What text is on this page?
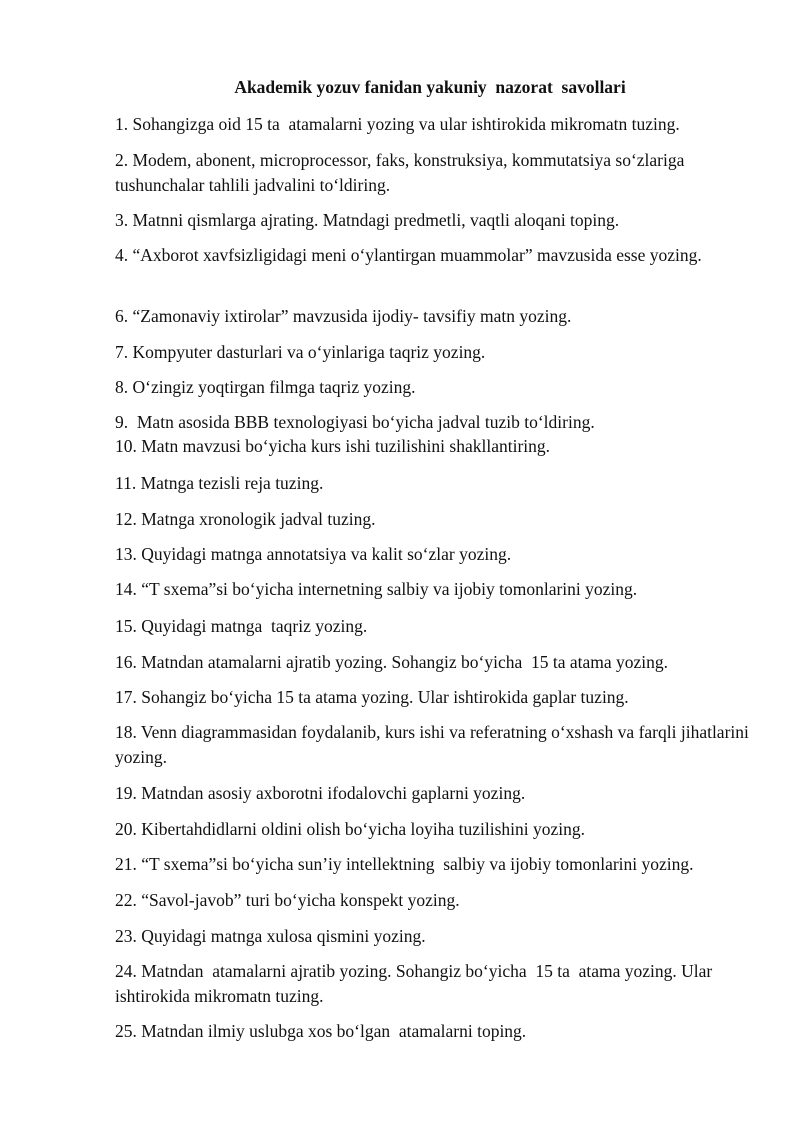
Akademik yozuv fanidan yakuniy  nazorat  savollari
1. Sohangizga oid 15 ta  atamalarni yozing va ular ishtirokida mikromatn tuzing.
2. Modem, abonent, microprocessor, faks, konstruksiya, kommutatsiya so‘zlariga tushunchalar tahlili jadvalini to‘ldiring.
3. Matnni qismlarga ajrating. Matndagi predmetli, vaqtli aloqani toping.
4. “Axborot xavfsizligidagi meni o‘ylantirgan muammolar” mavzusida esse yozing.
6. “Zamonaviy ixtirolar” mavzusida ijodiy- tavsifiy matn yozing.
7. Kompyuter dasturlari va o‘yinlariga taqriz yozing.
8. O‘zingiz yoqtirgan filmga taqriz yozing.
9.  Matn asosida BBB texnologiyasi bo‘yicha jadval tuzib to‘ldiring.
10. Matn mavzusi bo‘yicha kurs ishi tuzilishini shakllantiring.
11. Matnga tezisli reja tuzing.
12. Matnga xronologik jadval tuzing.
13. Quyidagi matnga annotatsiya va kalit so‘zlar yozing.
14. “T sxema”si bo‘yicha internetning salbiy va ijobiy tomonlarini yozing.
15. Quyidagi matnga  taqriz yozing.
16. Matndan atamalarni ajratib yozing. Sohangiz bo‘yicha  15 ta atama yozing.
17. Sohangiz bo‘yicha 15 ta atama yozing. Ular ishtirokida gaplar tuzing.
18. Venn diagrammasidan foydalanib, kurs ishi va referatning o‘xshash va farqli jihatlarini yozing.
19. Matndan asosiy axborotni ifodalovchi gaplarni yozing.
20. Kibertahdidlarni oldini olish bo‘yicha loyiha tuzilishini yozing.
21. “T sxema”si bo‘yicha sun’iy intellektning  salbiy va ijobiy tomonlarini yozing.
22. “Savol-javob” turi bo‘yicha konspekt yozing.
23. Quyidagi matnga xulosa qismini yozing.
24. Matndan  atamalarni ajratib yozing. Sohangiz bo‘yicha  15 ta  atama yozing. Ular ishtirokida mikromatn tuzing.
25. Matndan ilmiy uslubga xos bo‘lgan  atamalarni toping.
